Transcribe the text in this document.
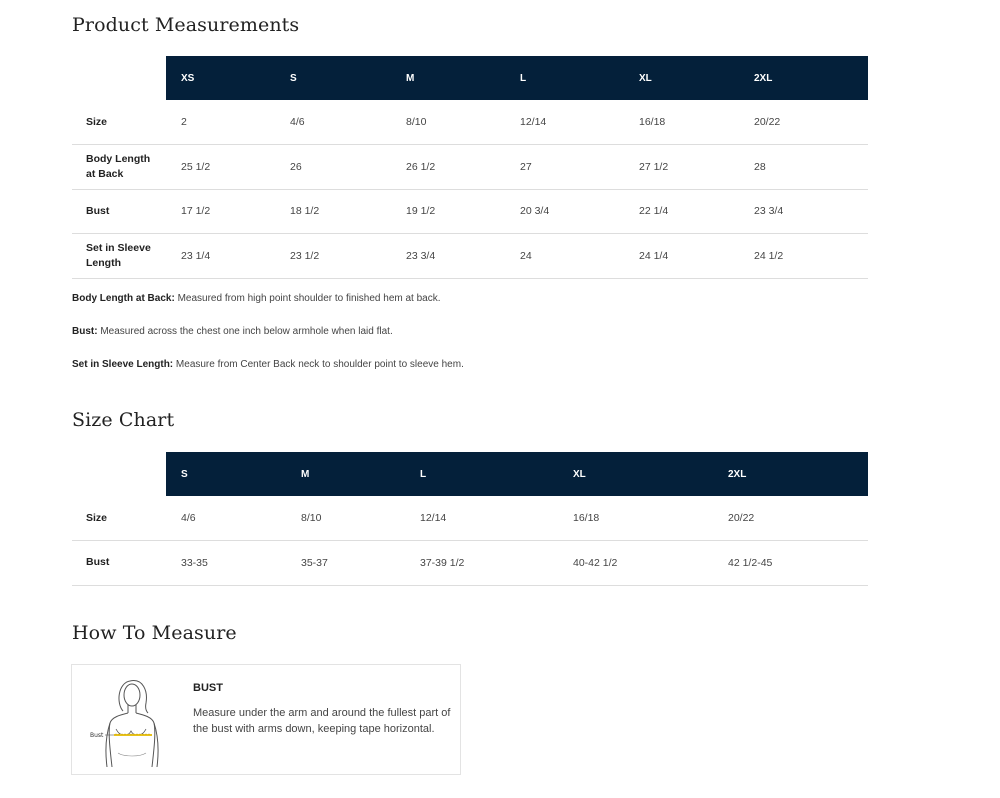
Product Measurements
	XS	S	M	L	XL	2XL
Size	2	4/6	8/10	12/14	16/18	20/22
Body Length
at Back	25 1/2	26	26 1/2	27	27 1/2	28
Bust	17 1/2	18 1/2	19 1/2	20 3/4	22 1/4	23 3/4
Set in Sleeve
Length	23 1/4	23 1/2	23 3/4	24	24 1/4	24 1/2

Body Length at Back: Measured from high point shoulder to finished hem at back.

Bust: Measured across the chest one inch below armhole when laid flat.

Set in Sleeve Length: Measure from Center Back neck to shoulder point to sleeve hem.

Size Chart
	S	M	L	XL	2XL
Size	4/6	8/10	12/14	16/18	20/22
Bust	33-35	35-37	37-39 1/2	40-42 1/2	42 1/2-45
How To Measure
Bust
BUST
Measure under the arm and around the fullest part of the bust with arms down, keeping tape horizontal.
